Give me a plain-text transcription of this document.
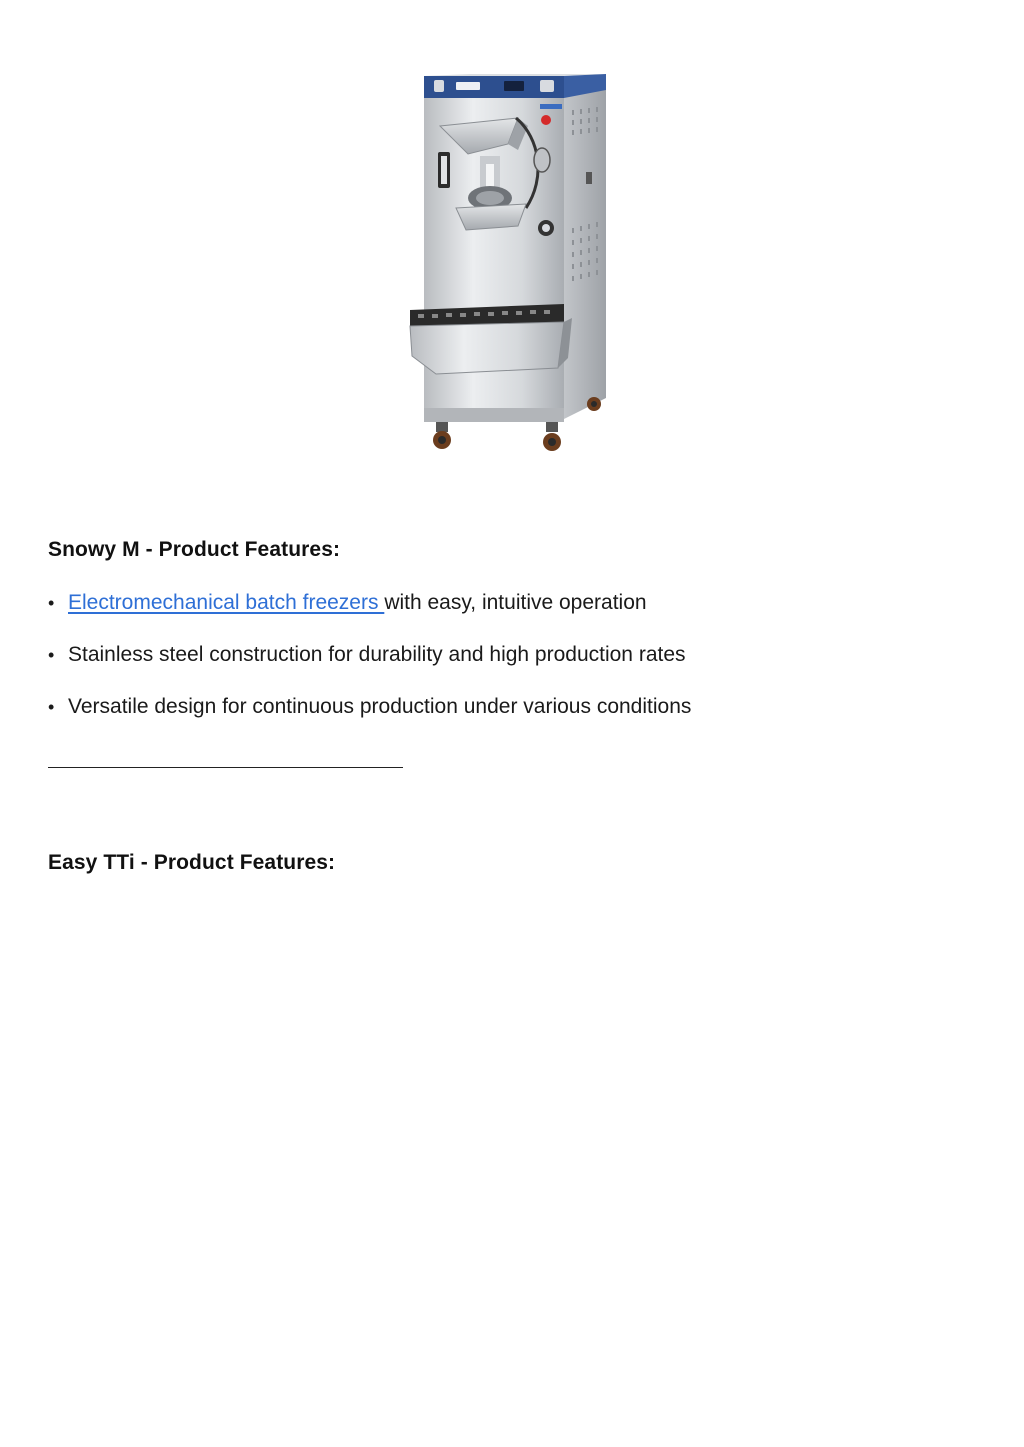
Snowy M - Product Features:
• Electromechanical batch freezers with easy, intuitive operation
• Stainless steel construction for durability and high production rates
• Versatile design for continuous production under various conditions
Easy TTi - Product Features:
